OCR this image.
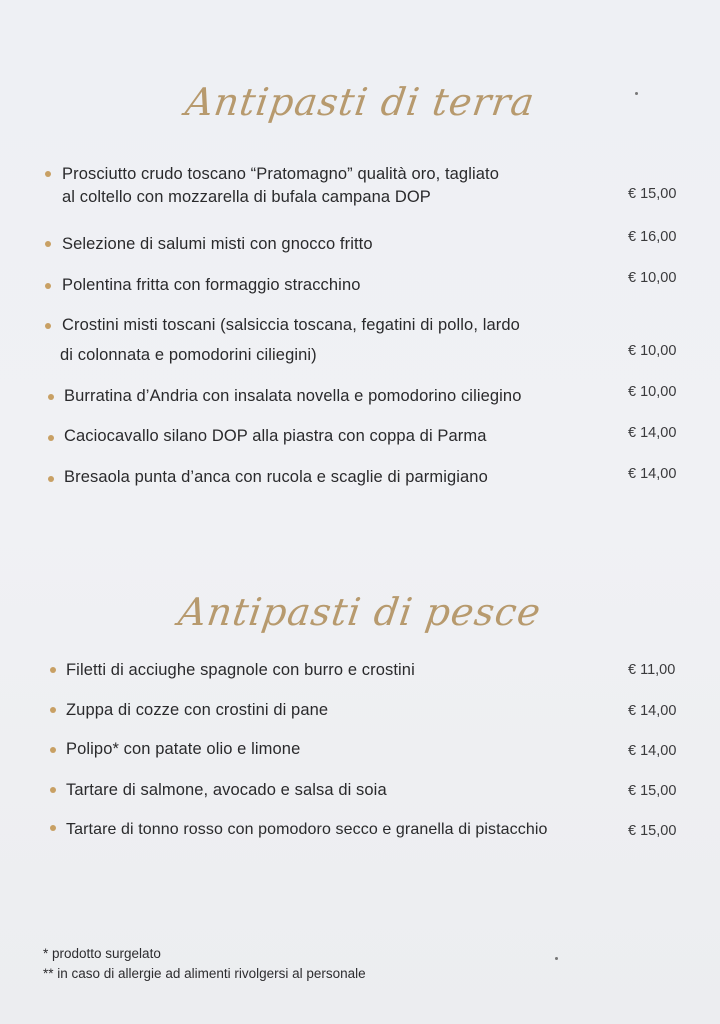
Antipasti di terra
Prosciutto crudo toscano “Pratomagno” qualità oro, tagliato
al coltello con mozzarella di bufala campana DOP	€ 15,00
Selezione di salumi misti con gnocco fritto	€ 16,00
Polentina fritta con formaggio stracchino	€ 10,00
Crostini misti toscani (salsiccia toscana, fegatini di pollo, lardo
di colonnata e pomodorini ciliegini)	€ 10,00
Burratina d’Andria con insalata novella e pomodorino ciliegino	€ 10,00
Caciocavallo silano DOP alla piastra con coppa di Parma	€ 14,00
Bresaola punta d’anca con rucola e scaglie di parmigiano	€ 14,00
Antipasti di pesce
Filetti di acciughe spagnole con burro e crostini	€ 11,00
Zuppa di cozze con crostini di pane	€ 14,00
Polipo* con patate olio e limone	€ 14,00
Tartare di salmone, avocado e salsa di soia	€ 15,00
Tartare di tonno rosso con pomodoro secco e granella di pistacchio	€ 15,00
* prodotto surgelato
** in caso di allergie ad alimenti rivolgersi al personale
